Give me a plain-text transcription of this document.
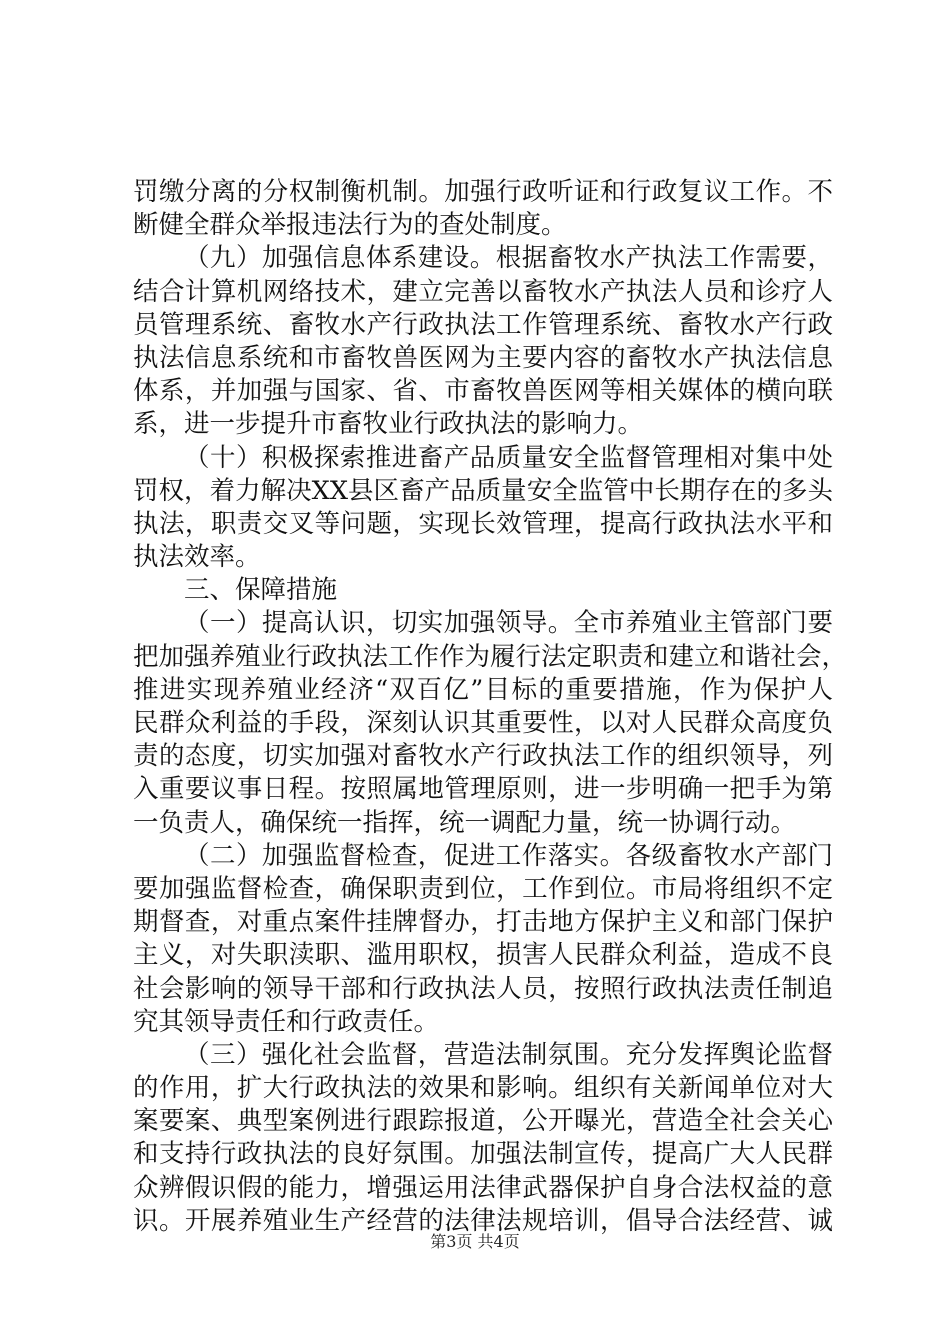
罚缴分离的分权制衡机制。加强行政听证和行政复议工作。不
断健全群众举报违法行为的查处制度。
（九）加强信息体系建设。根据畜牧水产执法工作需要，
结合计算机网络技术，建立完善以畜牧水产执法人员和诊疗人
员管理系统、畜牧水产行政执法工作管理系统、畜牧水产行政
执法信息系统和市畜牧兽医网为主要内容的畜牧水产执法信息
体系，并加强与国家、省、市畜牧兽医网等相关媒体的横向联
系，进一步提升市畜牧业行政执法的影响力。
（十）积极探索推进畜产品质量安全监督管理相对集中处
罚权，着力解决XX县区畜产品质量安全监管中长期存在的多头
执法，职责交叉等问题，实现长效管理，提高行政执法水平和
执法效率。
三、保障措施
（一）提高认识，切实加强领导。全市养殖业主管部门要
把加强养殖业行政执法工作作为履行法定职责和建立和谐社会，
推进实现养殖业经济“双百亿”目标的重要措施，作为保护人
民群众利益的手段，深刻认识其重要性，以对人民群众高度负
责的态度，切实加强对畜牧水产行政执法工作的组织领导，列
入重要议事日程。按照属地管理原则，进一步明确一把手为第
一负责人，确保统一指挥，统一调配力量，统一协调行动。
（二）加强监督检查，促进工作落实。各级畜牧水产部门
要加强监督检查，确保职责到位，工作到位。市局将组织不定
期督查，对重点案件挂牌督办，打击地方保护主义和部门保护
主义，对失职渎职、滥用职权，损害人民群众利益，造成不良
社会影响的领导干部和行政执法人员，按照行政执法责任制追
究其领导责任和行政责任。
（三）强化社会监督，营造法制氛围。充分发挥舆论监督
的作用，扩大行政执法的效果和影响。组织有关新闻单位对大
案要案、典型案例进行跟踪报道，公开曝光，营造全社会关心
和支持行政执法的良好氛围。加强法制宣传，提高广大人民群
众辨假识假的能力，增强运用法律武器保护自身合法权益的意
识。开展养殖业生产经营的法律法规培训，倡导合法经营、诚
第3页 共4页
